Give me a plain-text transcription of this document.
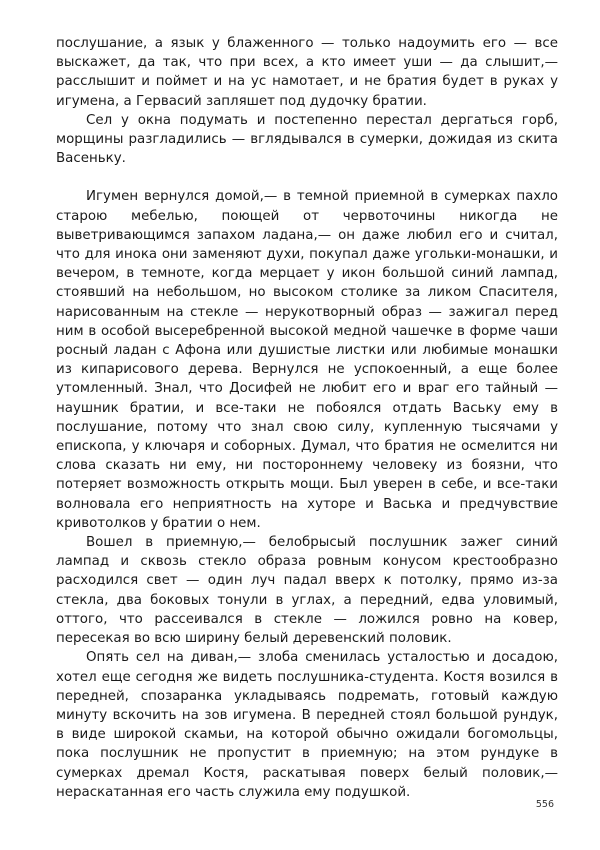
послушание, а язык у блаженного — только надоумить его — все выскажет, да так, что при всех, а кто имеет уши — да слышит,— расслышит и поймет и на ус намотает, и не братия будет в руках у игумена, а Гервасий запляшет под дудочку братии.

Сел у окна подумать и постепенно перестал дергаться горб, морщины разгладились — вглядывался в сумерки, дожидая из скита Васеньку.

Игумен вернулся домой,— в темной приемной в сумерках пахло старою мебелью, поющей от червоточины никогда не выветривающимся запахом ладана,— он даже любил его и считал, что для инока они заменяют духи, покупал даже угольки-монашки, и вечером, в темноте, когда мерцает у икон большой синий лампад, стоявший на небольшом, но высоком столике за ликом Спасителя, нарисованным на стекле — нерукотворный образ — зажигал перед ним в особой высеребренной высокой медной чашечке в форме чаши росный ладан с Афона или душистые листки или любимые монашки из кипарисового дерева. Вернулся не успокоенный, а еще более утомленный. Знал, что Досифей не любит его и враг его тайный — наушник братии, и все-таки не побоялся отдать Ваську ему в послушание, потому что знал свою силу, купленную тысячами у епископа, у ключаря и соборных. Думал, что братия не осмелится ни слова сказать ни ему, ни постороннему человеку из боязни, что потеряет возможность открыть мощи. Был уверен в себе, и все-таки волновала его неприятность на хуторе и Васька и предчувствие кривотолков у братии о нем.

Вошел в приемную,— белобрысый послушник зажег синий лампад и сквозь стекло образа ровным конусом крестообразно расходился свет — один луч падал вверх к потолку, прямо из-за стекла, два боковых тонули в углах, а передний, едва уловимый, оттого, что рассеивался в стекле — ложился ровно на ковер, пересекая во всю ширину белый деревенский половик.

Опять сел на диван,— злоба сменилась усталостью и досадою, хотел еще сегодня же видеть послушника-студента. Костя возился в передней, спозаранка укладываясь подремать, готовый каждую минуту вскочить на зов игумена. В передней стоял большой рундук, в виде широкой скамьи, на которой обычно ожидали богомольцы, пока послушник не пропустит в приемную; на этом рундуке в сумерках дремал Костя, раскатывая поверх белый половик,— нераскатанная его часть служила ему подушкой.

556
